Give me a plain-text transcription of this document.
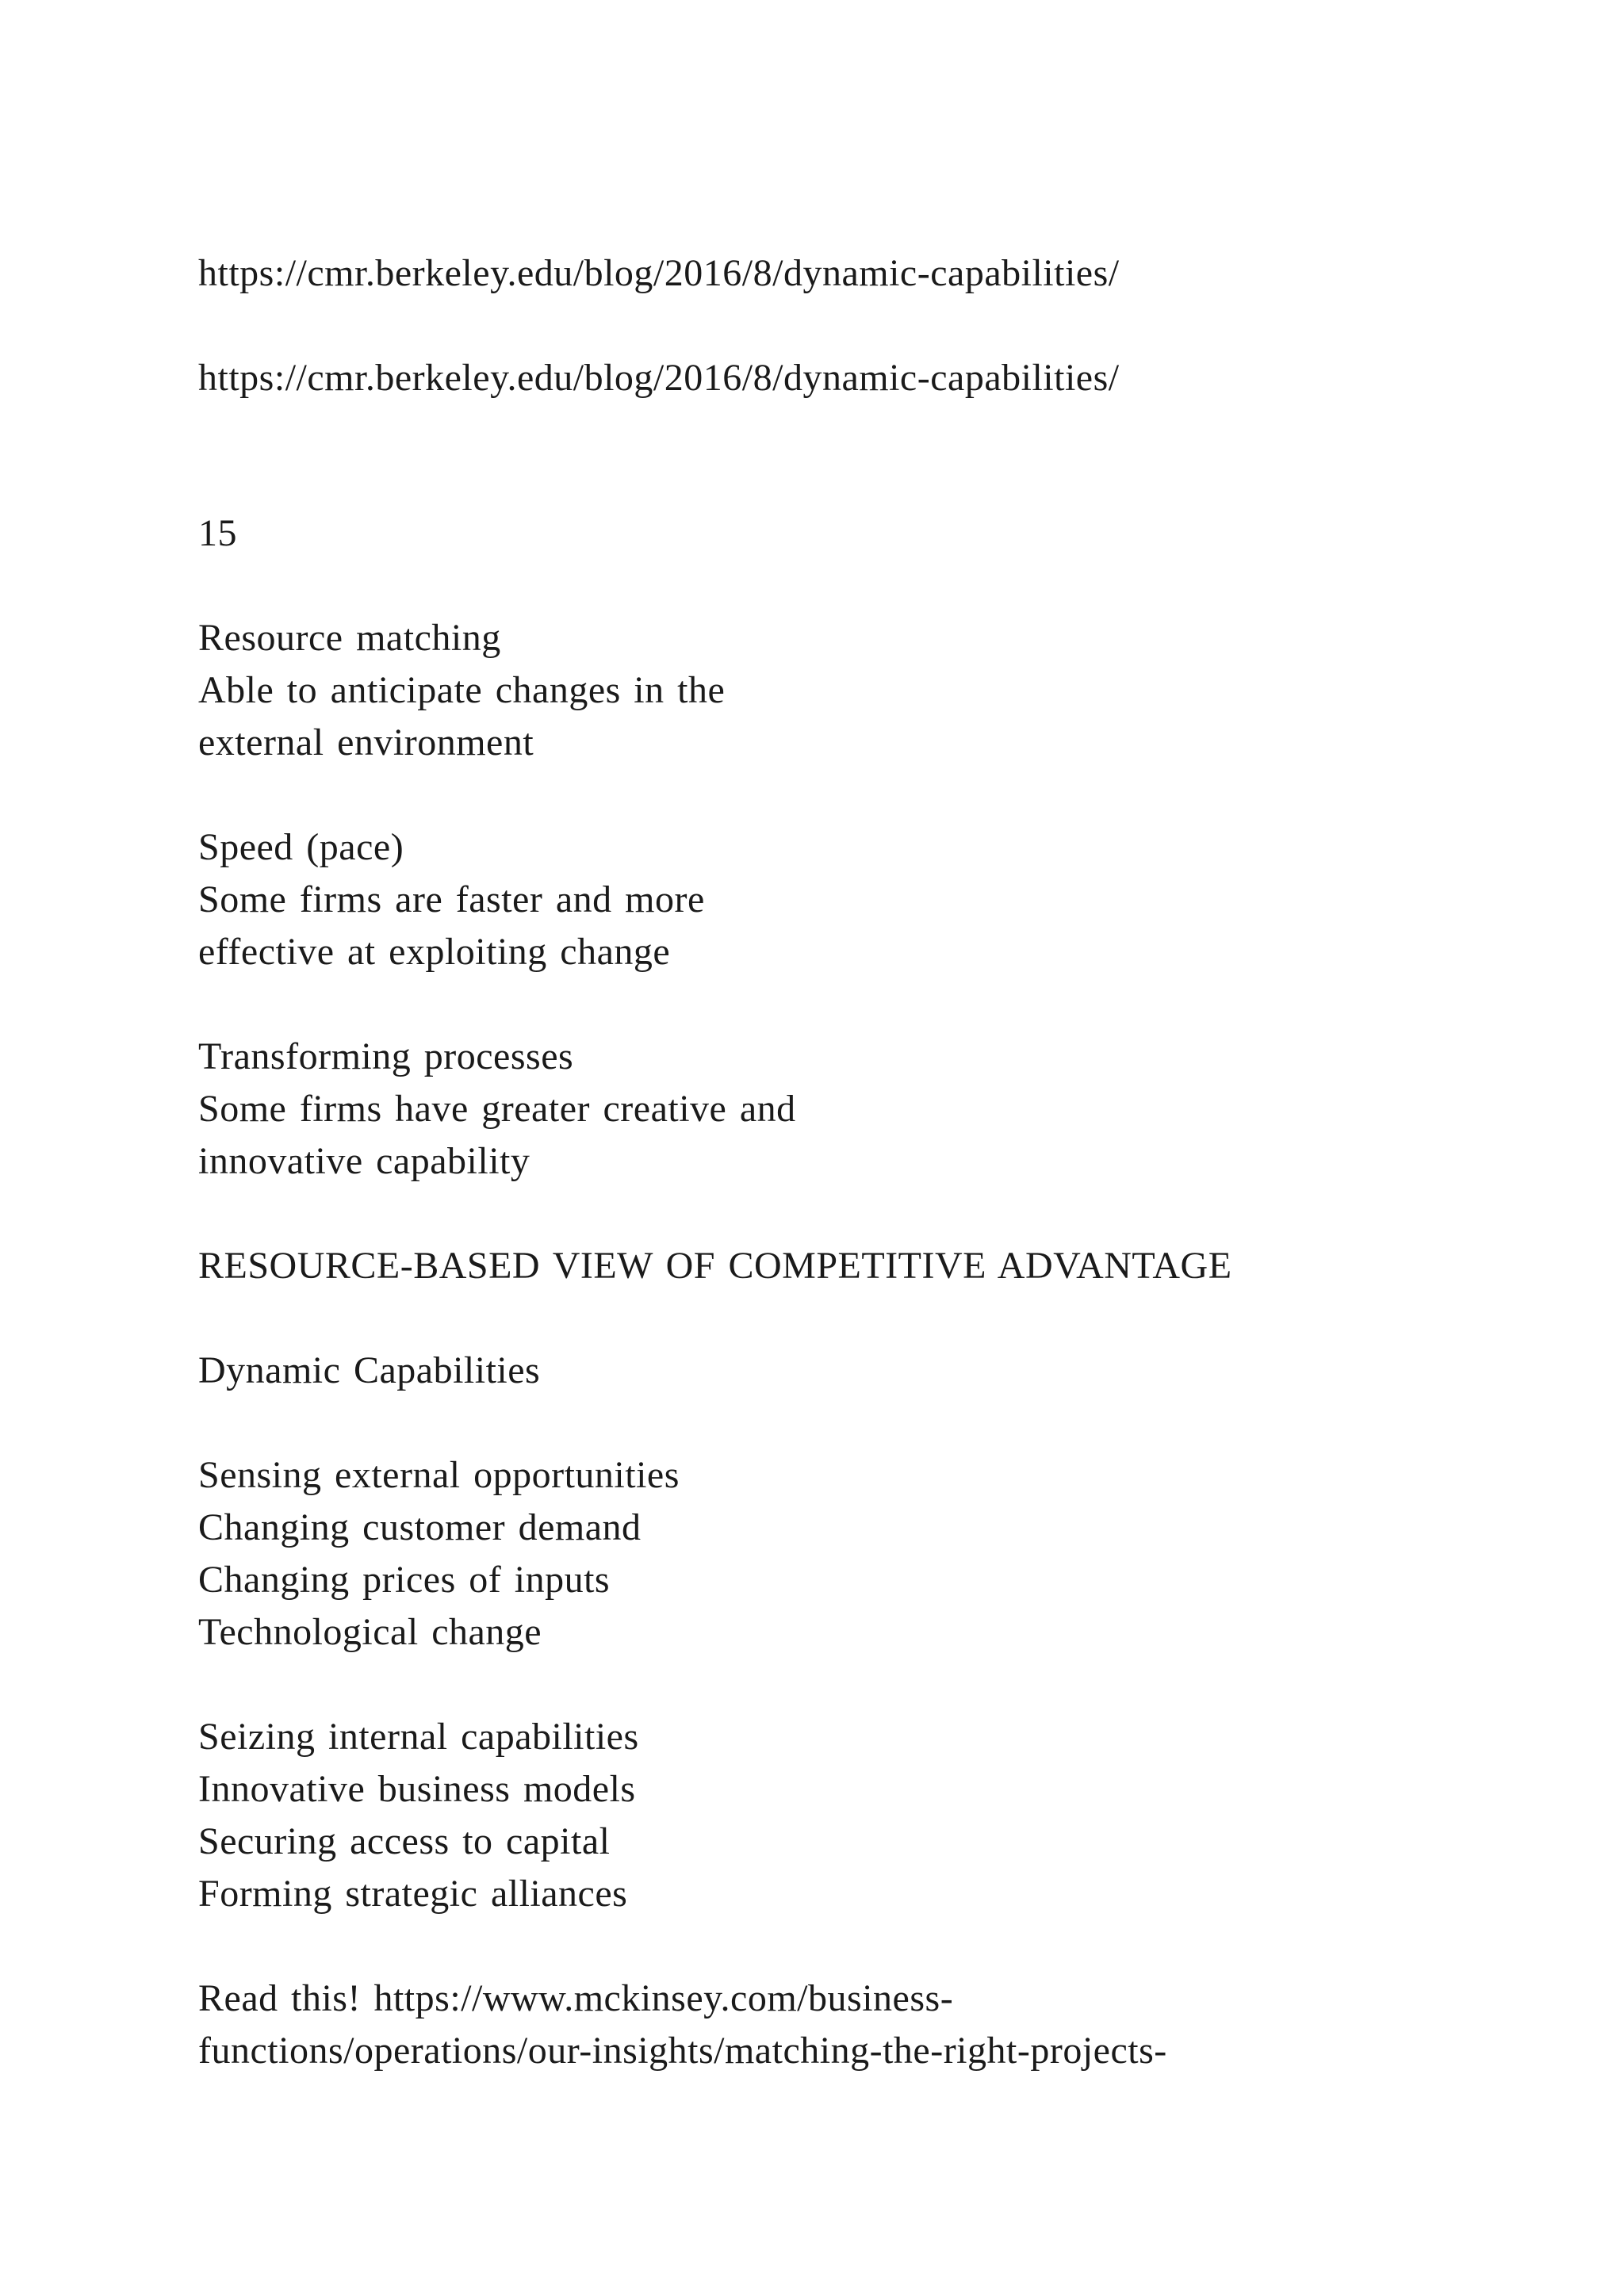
https://cmr.berkeley.edu/blog/2016/8/dynamic-capabilities/

https://cmr.berkeley.edu/blog/2016/8/dynamic-capabilities/

15

Resource matching

Able to anticipate changes in the

external environment

Speed (pace)

Some firms are faster and more

effective at exploiting change

Transforming processes

Some firms have greater creative and

innovative capability

RESOURCE-BASED VIEW OF COMPETITIVE ADVANTAGE

Dynamic Capabilities

Sensing external opportunities

Changing customer demand

Changing prices of inputs

Technological change

Seizing internal capabilities

Innovative business models

Securing access to capital

Forming strategic alliances

Read this! https://www.mckinsey.com/business-

functions/operations/our-insights/matching-the-right-projects-
